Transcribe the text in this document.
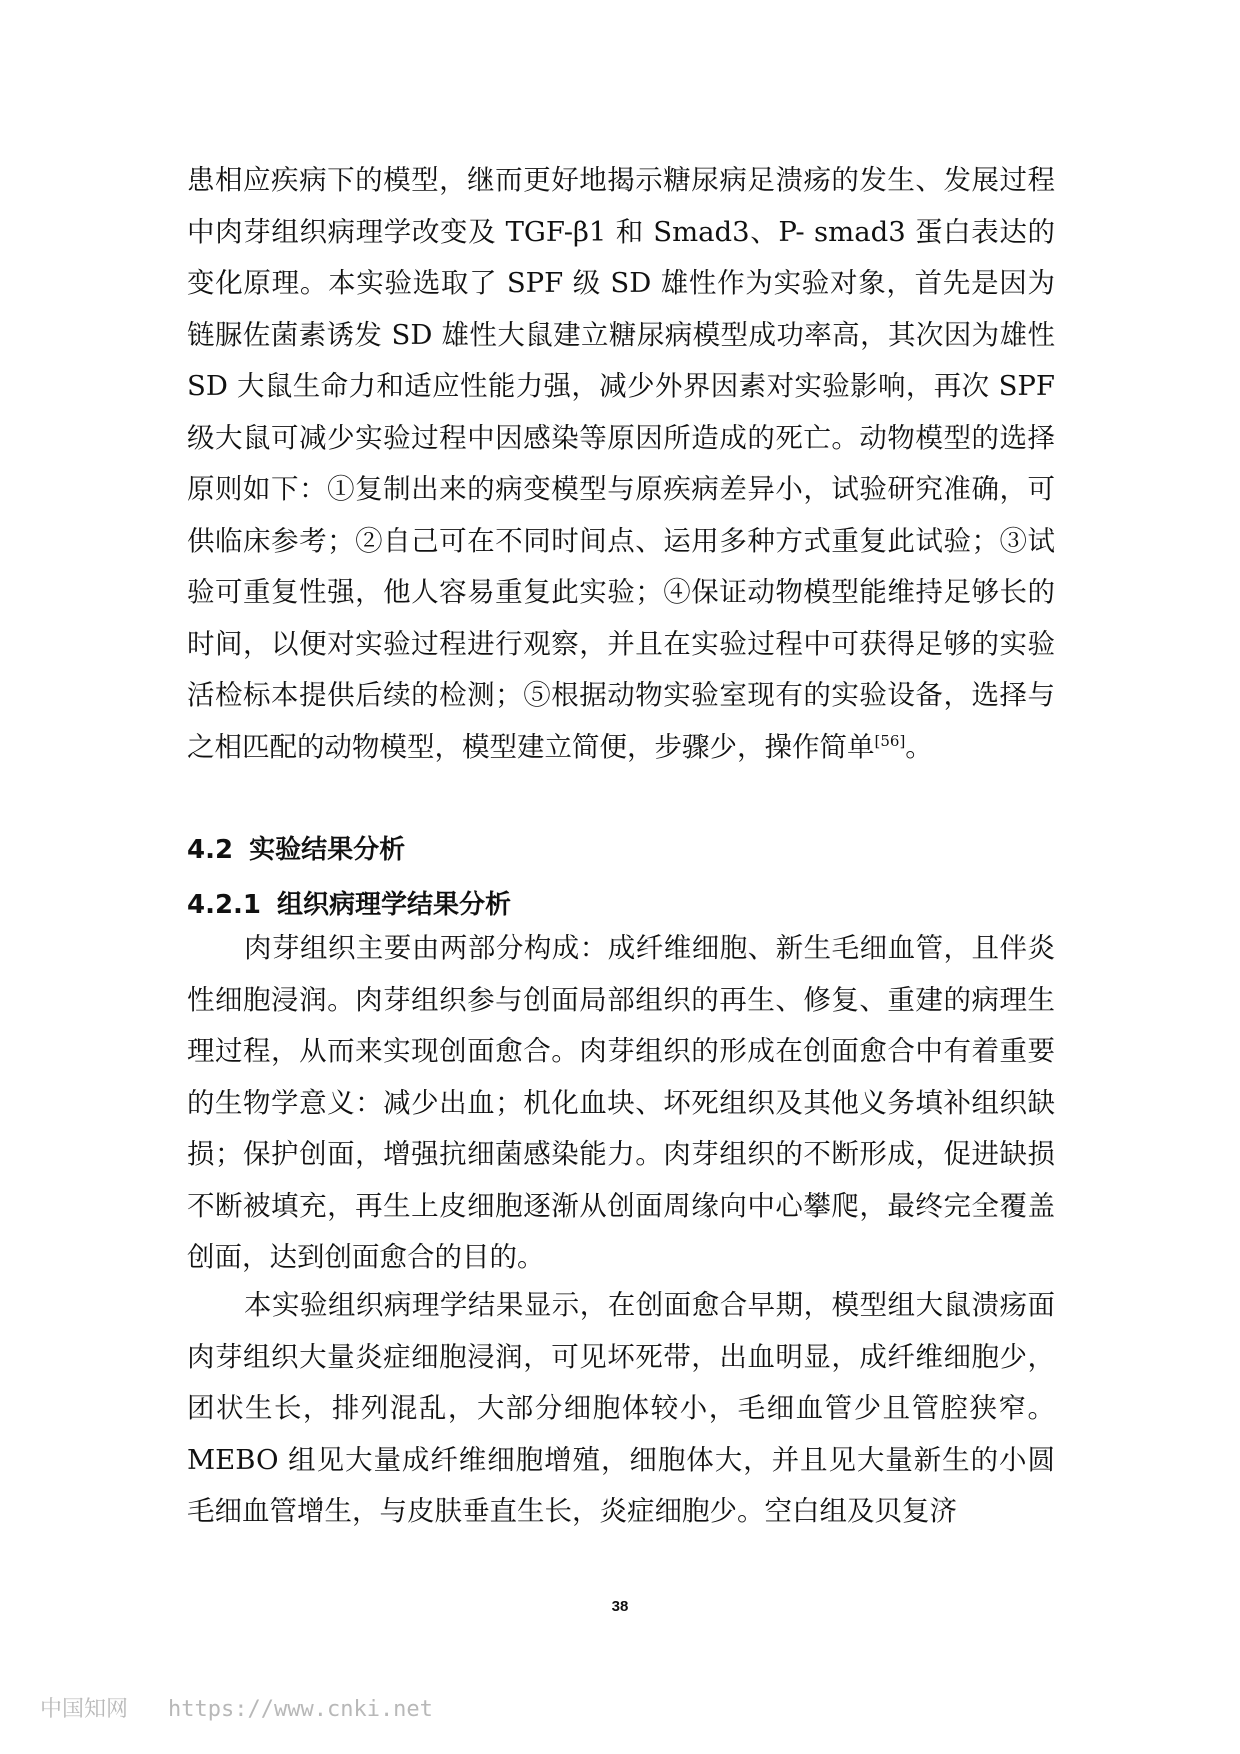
患相应疾病下的模型，继而更好地揭示糖尿病足溃疡的发生、发展过程中肉芽组织病理学改变及 TGF-β1 和 Smad3、P- smad3 蛋白表达的变化原理。本实验选取了 SPF 级 SD 雄性作为实验对象，首先是因为链脲佐菌素诱发 SD 雄性大鼠建立糖尿病模型成功率高，其次因为雄性 SD 大鼠生命力和适应性能力强，减少外界因素对实验影响，再次 SPF 级大鼠可减少实验过程中因感染等原因所造成的死亡。动物模型的选择原则如下：①复制出来的病变模型与原疾病差异小，试验研究准确，可供临床参考；②自己可在不同时间点、运用多种方式重复此试验；③试验可重复性强，他人容易重复此实验；④保证动物模型能维持足够长的时间，以便对实验过程进行观察，并且在实验过程中可获得足够的实验活检标本提供后续的检测；⑤根据动物实验室现有的实验设备，选择与之相匹配的动物模型，模型建立简便，步骤少，操作简单[56]。
4.2 实验结果分析
4.2.1 组织病理学结果分析
肉芽组织主要由两部分构成：成纤维细胞、新生毛细血管，且伴炎性细胞浸润。肉芽组织参与创面局部组织的再生、修复、重建的病理生理过程，从而来实现创面愈合。肉芽组织的形成在创面愈合中有着重要的生物学意义：减少出血；机化血块、坏死组织及其他义务填补组织缺损；保护创面，增强抗细菌感染能力。肉芽组织的不断形成，促进缺损不断被填充，再生上皮细胞逐渐从创面周缘向中心攀爬，最终完全覆盖创面，达到创面愈合的目的。
本实验组织病理学结果显示，在创面愈合早期，模型组大鼠溃疡面肉芽组织大量炎症细胞浸润，可见坏死带，出血明显，成纤维细胞少，团状生长，排列混乱，大部分细胞体较小，毛细血管少且管腔狭窄。MEBO 组见大量成纤维细胞增殖，细胞体大，并且见大量新生的小圆毛细血管增生，与皮肤垂直生长，炎症细胞少。空白组及贝复济
38
中国知网 https://www.cnki.net
